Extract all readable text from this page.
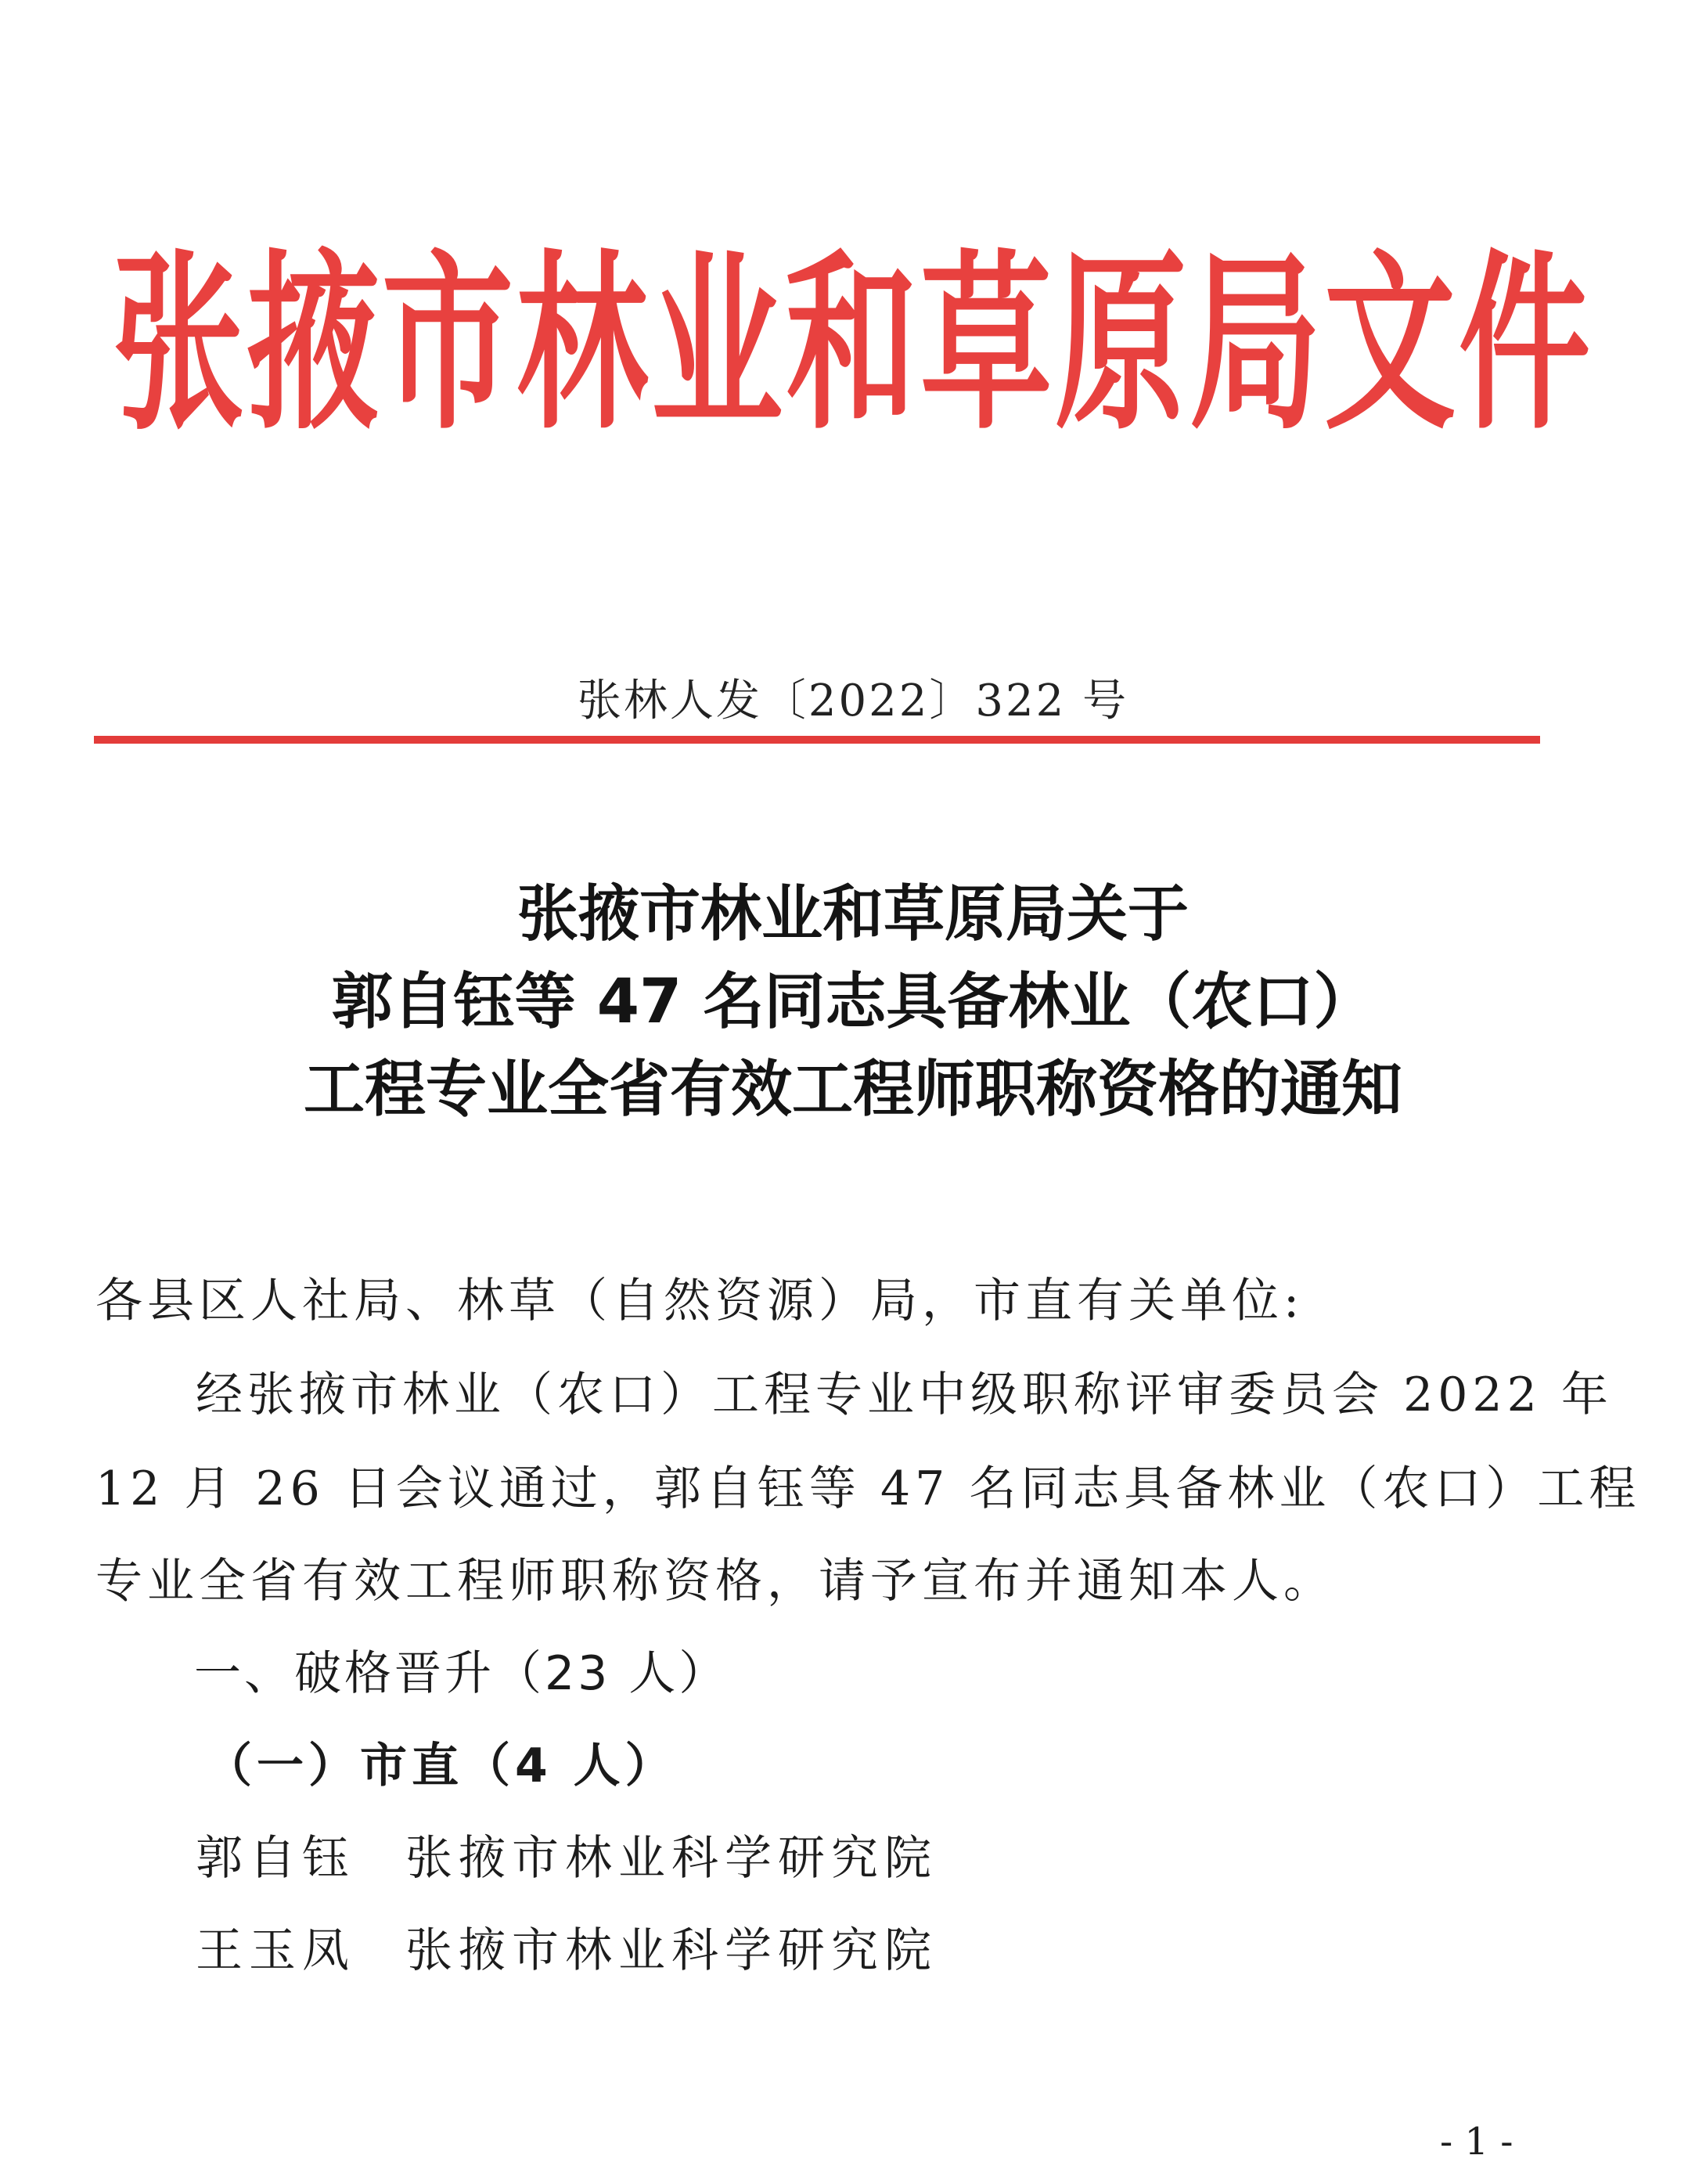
张掖市林业和草原局文件
张林人发〔2022〕322 号
张掖市林业和草原局关于
郭自钰等 47 名同志具备林业（农口）
工程专业全省有效工程师职称资格的通知
各县区人社局、林草（自然资源）局，市直有关单位:
经张掖市林业（农口）工程专业中级职称评审委员会 2022 年
12 月 26 日会议通过，郭自钰等 47 名同志具备林业（农口）工程
专业全省有效工程师职称资格，请予宣布并通知本人。
一、破格晋升（23 人）
（一）市直（4 人）
郭自钰 张掖市林业科学研究院
王玉凤 张掖市林业科学研究院
- 1 -
